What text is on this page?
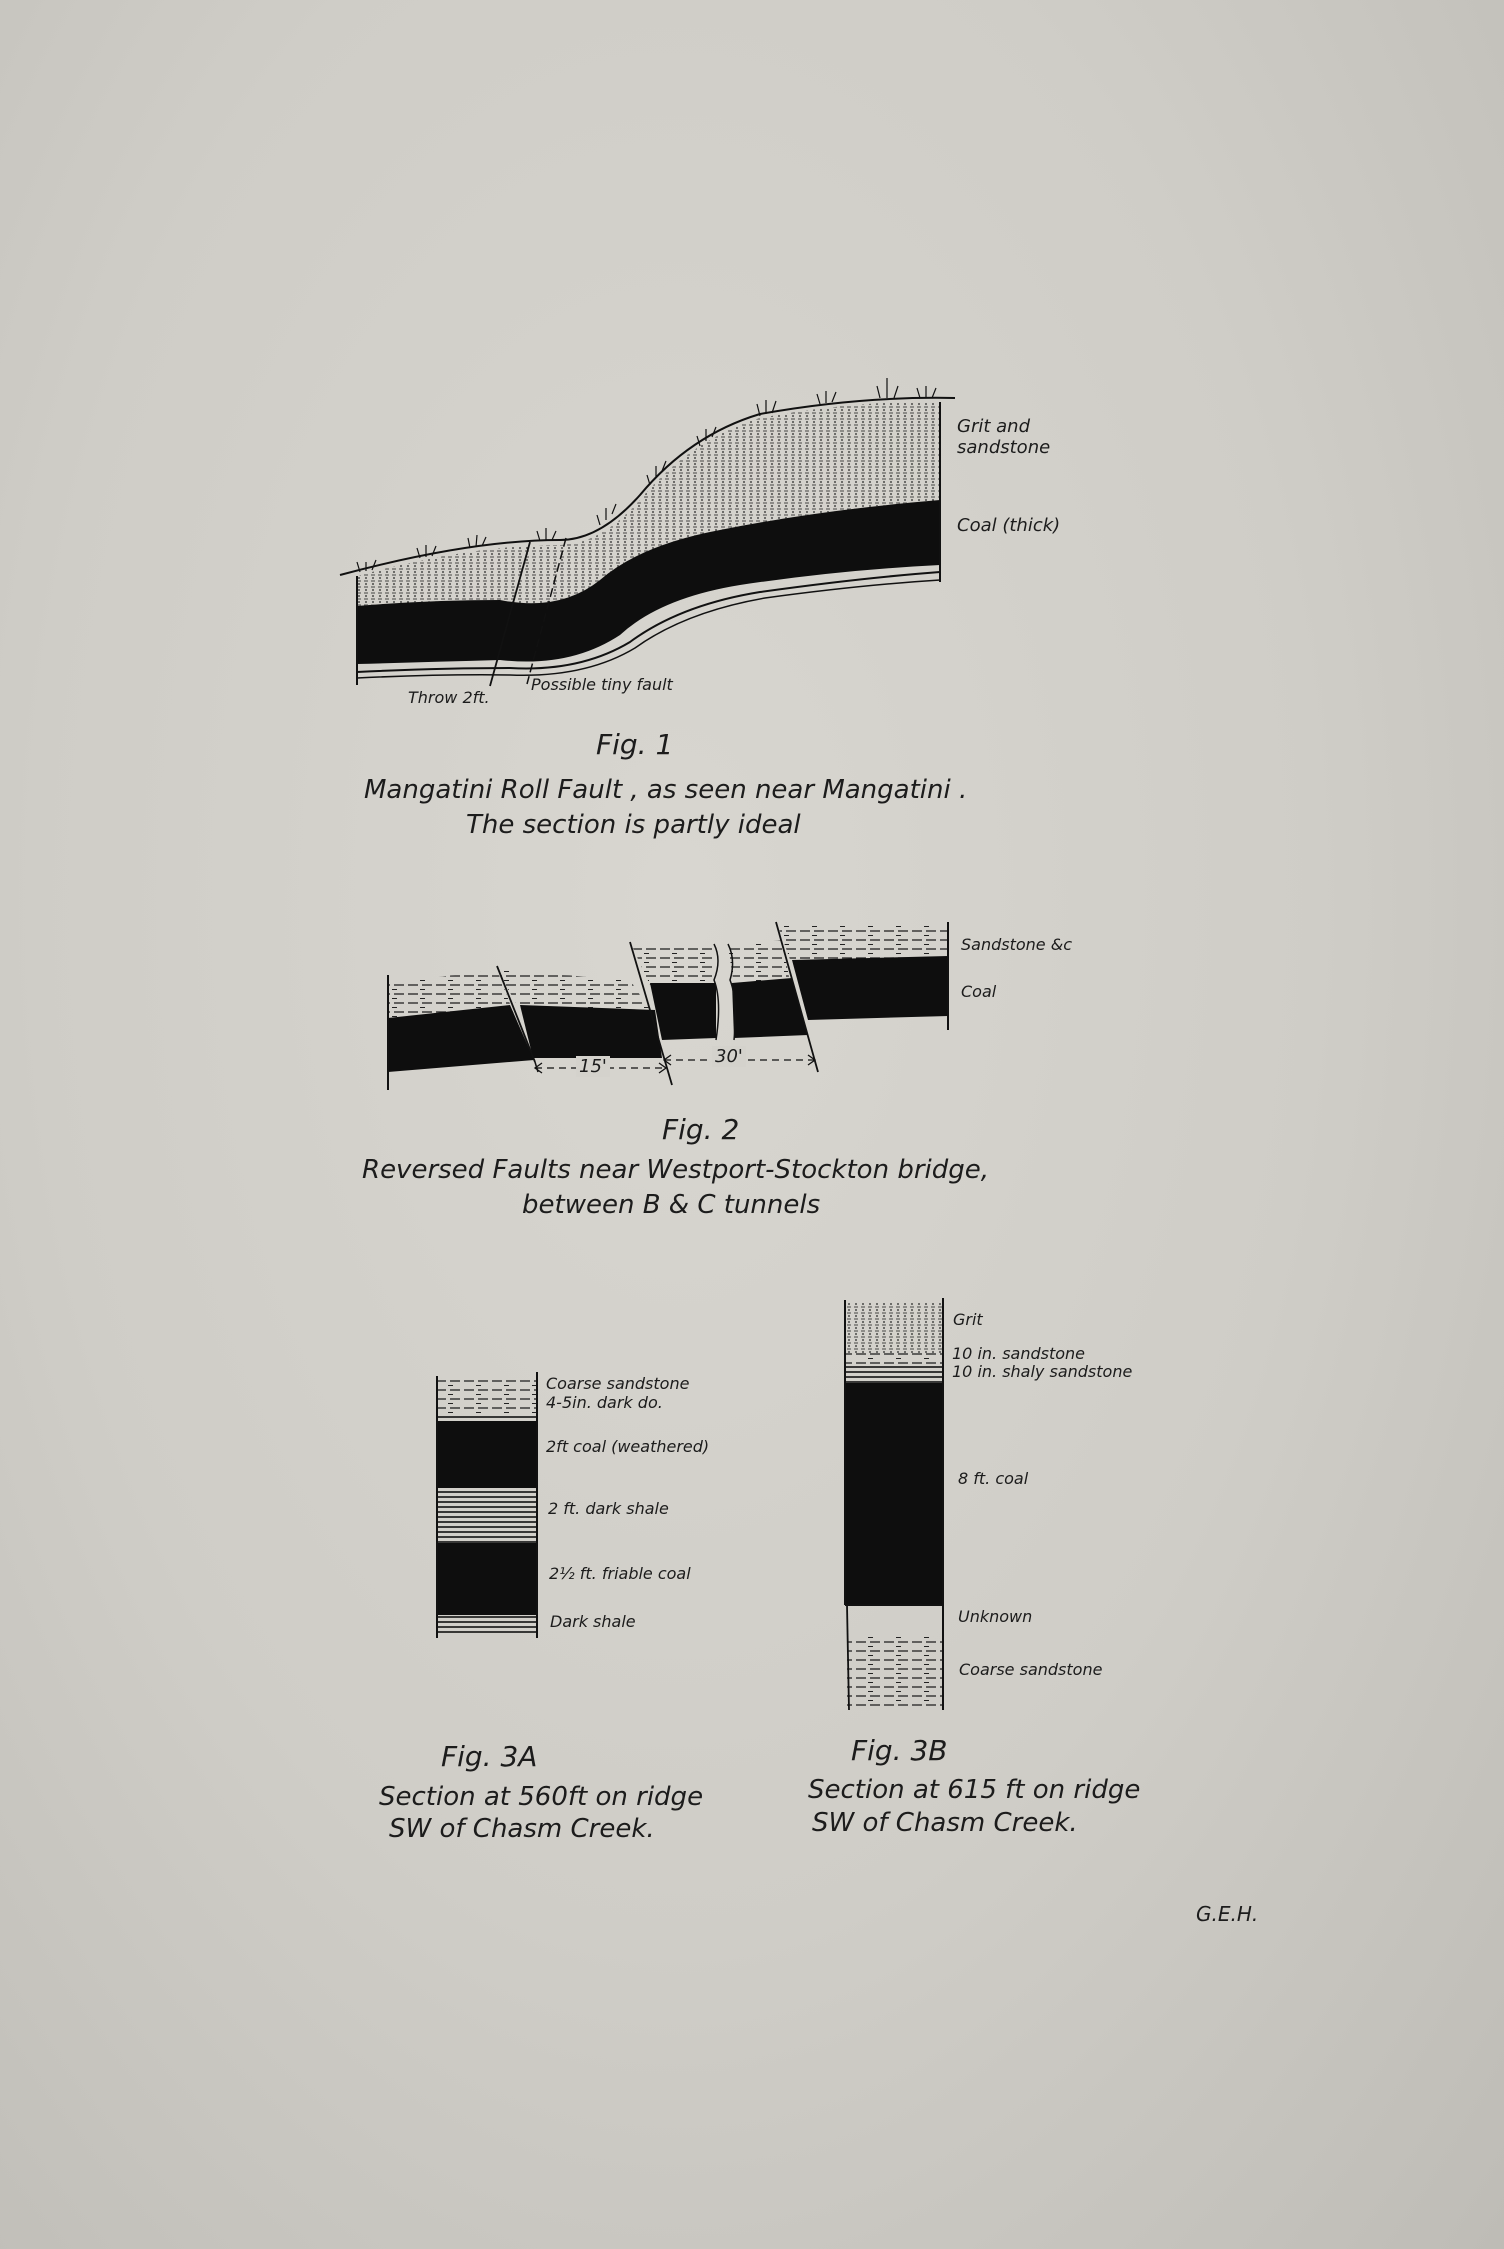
Grit and
sandstone
Coal (thick)
Throw 2ft.
Possible tiny fault
Fig. 1
Mangatini Roll Fault , as seen near Mangatini .
The section is partly ideal
Sandstone &c
Coal
15'	30'
Fig. 2
Reversed Faults near Westport-Stockton bridge,
between B & C tunnels
Coarse sandstone
4-5in. dark do.
2ft coal (weathered)
2 ft. dark shale
2½ ft. friable coal
Dark shale
Fig. 3A
Section at 560ft on ridge
SW of Chasm Creek.
Grit
10 in. sandstone
10 in. shaly sandstone
8 ft. coal
Unknown
Coarse sandstone
Fig. 3B
Section at 615 ft on ridge
SW of Chasm Creek.
G.E.H.
